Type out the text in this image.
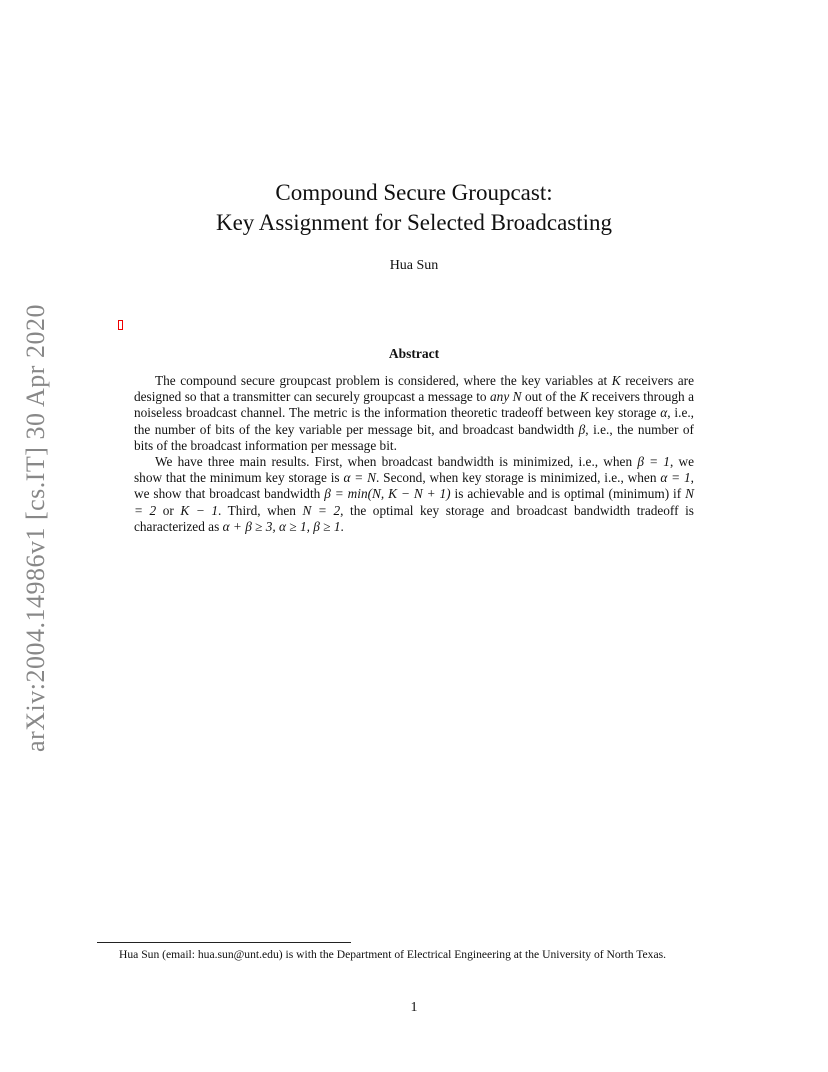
arXiv:2004.14986v1 [cs.IT] 30 Apr 2020
Compound Secure Groupcast:
Key Assignment for Selected Broadcasting
Hua Sun
Abstract

The compound secure groupcast problem is considered, where the key variables at K receivers are designed so that a transmitter can securely groupcast a message to any N out of the K receivers through a noiseless broadcast channel. The metric is the information theoretic tradeoff between key storage α, i.e., the number of bits of the key variable per message bit, and broadcast bandwidth β, i.e., the number of bits of the broadcast information per message bit.

We have three main results. First, when broadcast bandwidth is minimized, i.e., when β = 1, we show that the minimum key storage is α = N. Second, when key storage is minimized, i.e., when α = 1, we show that broadcast bandwidth β = min(N, K − N + 1) is achievable and is optimal (minimum) if N = 2 or K − 1. Third, when N = 2, the optimal key storage and broadcast bandwidth tradeoff is characterized as α + β ≥ 3, α ≥ 1, β ≥ 1.

Hua Sun (email: hua.sun@unt.edu) is with the Department of Electrical Engineering at the University of North Texas.
1
